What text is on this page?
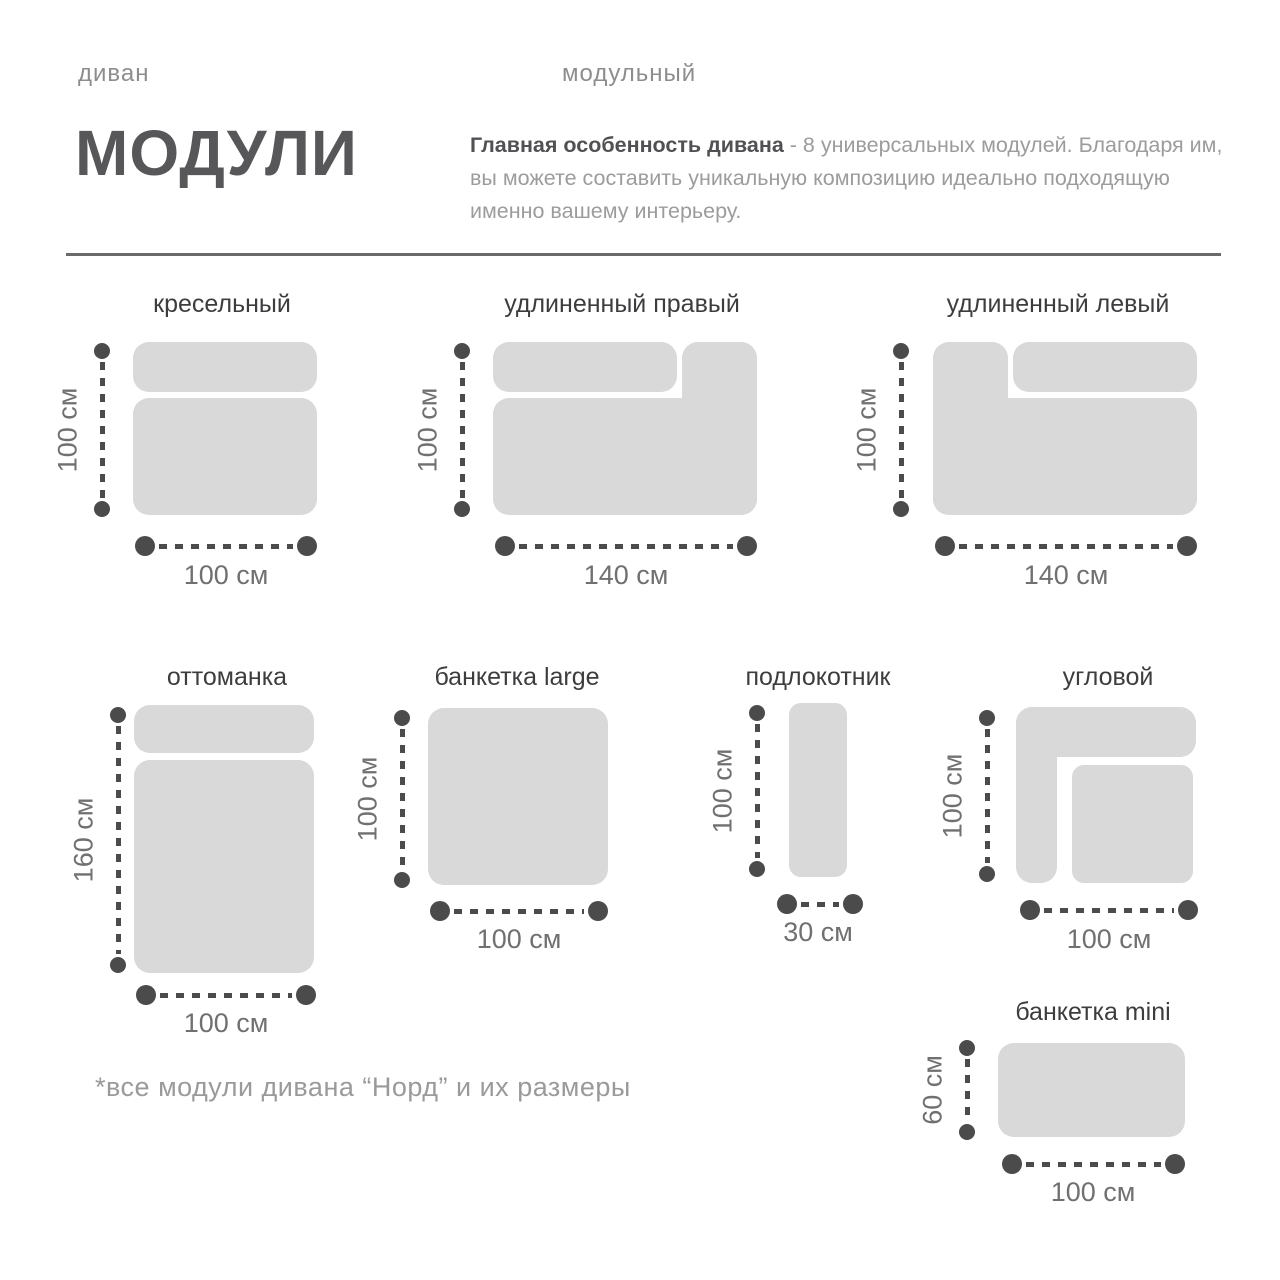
диван	модульный
МОДУЛИ	Главная особенность дивана - 8 универсальных модулей. Благодаря им, вы можете составить уникальную композицию идеально подходящую именно вашему интерьеру.

кресельный
100 см
100 см
удлиненный правый
100 см
140 см
удлиненный левый
100 см
140 см
оттоманка
160 см
100 см
банкетка large
100 см
100 см
подлокотник
100 см
30 см
угловой
100 см
100 см
банкетка mini
60 см
100 см
*все модули дивана “Норд” и их размеры
